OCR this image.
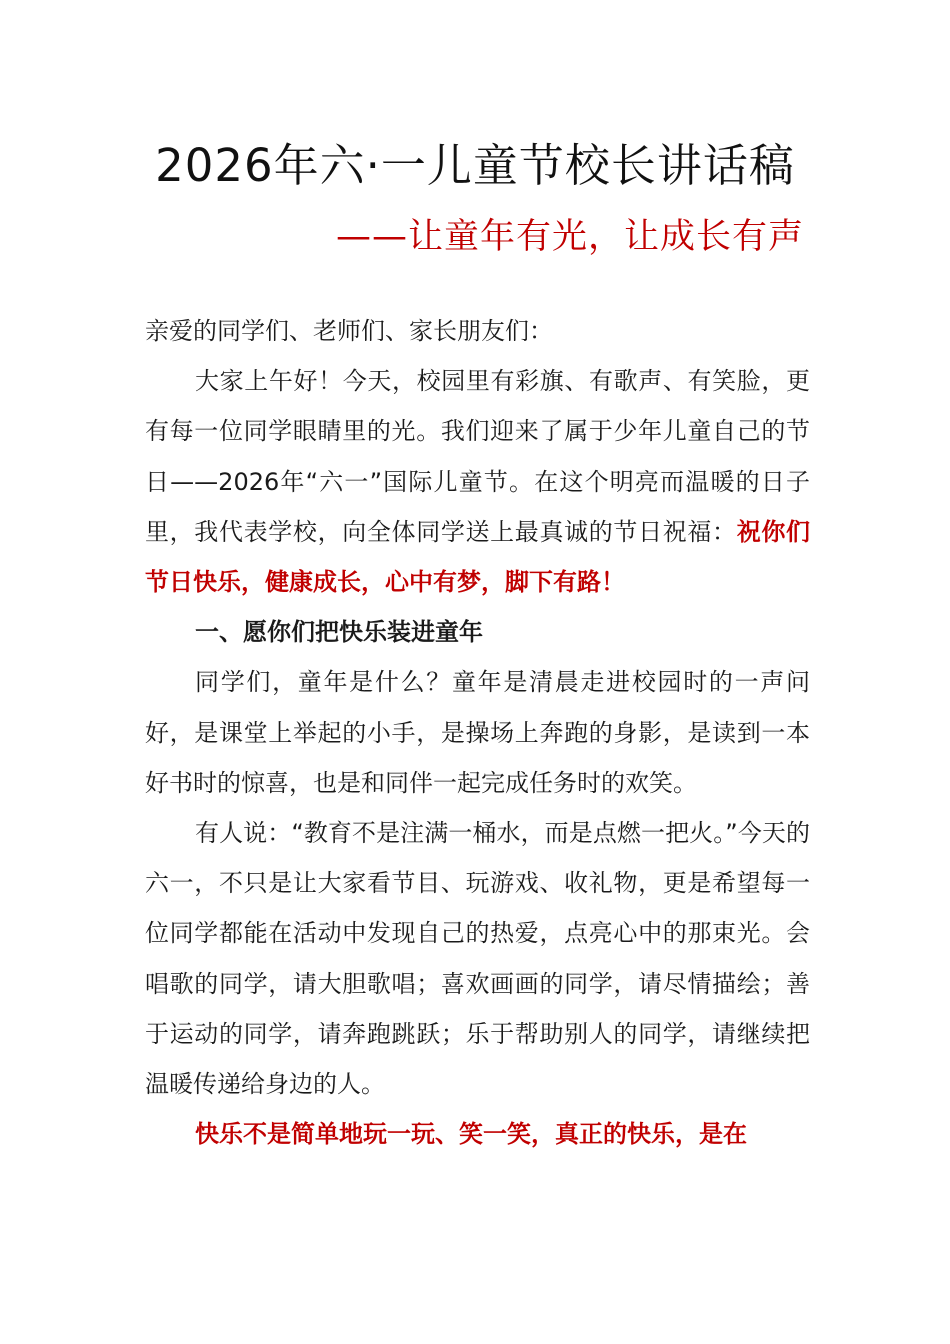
2026年六·一儿童节校长讲话稿
——让童年有光，让成长有声

亲爱的同学们、老师们、家长朋友们：

大家上午好！今天，校园里有彩旗、有歌声、有笑脸，更有每一位同学眼睛里的光。我们迎来了属于少年儿童自己的节日——2026年“六一”国际儿童节。在这个明亮而温暖的日子里，我代表学校，向全体同学送上最真诚的节日祝福：祝你们节日快乐，健康成长，心中有梦，脚下有路！

一、愿你们把快乐装进童年

同学们，童年是什么？童年是清晨走进校园时的一声问好，是课堂上举起的小手，是操场上奔跑的身影，是读到一本好书时的惊喜，也是和同伴一起完成任务时的欢笑。

有人说：“教育不是注满一桶水，而是点燃一把火。”今天的六一，不只是让大家看节目、玩游戏、收礼物，更是希望每一位同学都能在活动中发现自己的热爱，点亮心中的那束光。会唱歌的同学，请大胆歌唱；喜欢画画的同学，请尽情描绘；善于运动的同学，请奔跑跳跃；乐于帮助别人的同学，请继续把温暖传递给身边的人。

快乐不是简单地玩一玩、笑一笑，真正的快乐，是在
